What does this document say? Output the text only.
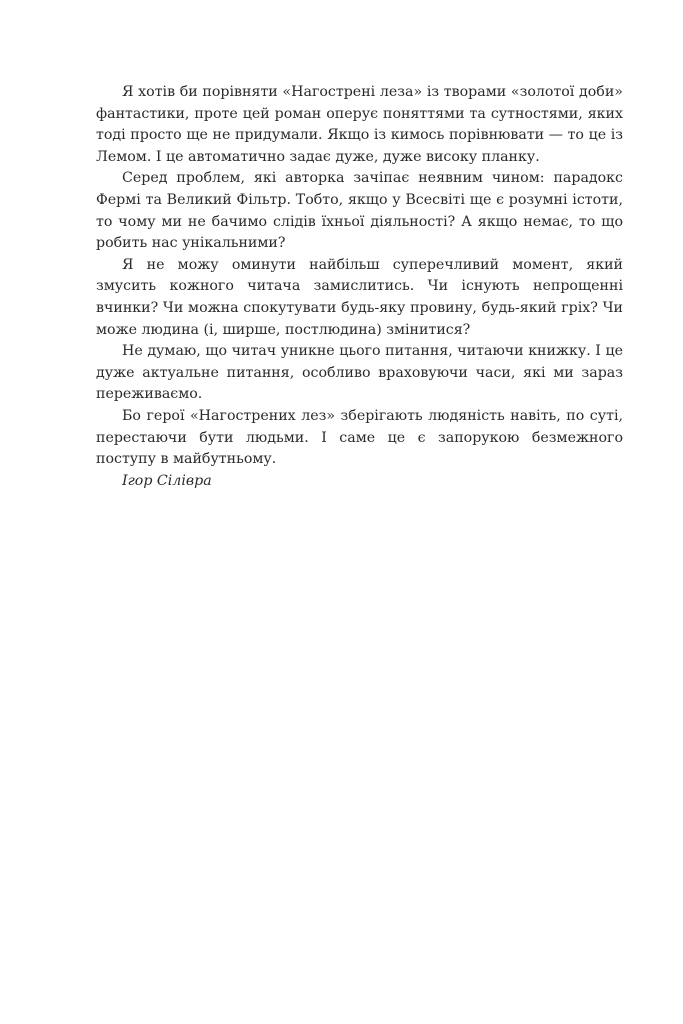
Я хотів би порівняти «Нагострені леза» із творами «золотої доби» фантастики, проте цей роман оперує поняттями та сутностями, яких тоді просто ще не придумали. Якщо із кимось порівнювати — то це із Лемом. І це автоматично задає дуже, дуже високу планку.

Серед проблем, які авторка зачіпає неявним чином: парадокс Фермі та Великий Фільтр. Тобто, якщо у Всесвіті ще є розумні істоти, то чому ми не бачимо слідів їхньої діяльності? А якщо немає, то що робить нас унікальними?

Я не можу оминути найбільш суперечливий момент, який змусить кожного читача замислитись. Чи існують непрощенні вчинки? Чи можна спокутувати будь-яку провину, будь-який гріх? Чи може людина (і, ширше, постлюдина) змінитися?

Не думаю, що читач уникне цього питання, читаючи книжку. І це дуже актуальне питання, особливо враховуючи часи, які ми зараз переживаємо.

Бо герої «Нагострених лез» зберігають людяність навіть, по суті, перестаючи бути людьми. І саме це є запорукою безмежного поступу в майбутньому.

Ігор Сілівра
